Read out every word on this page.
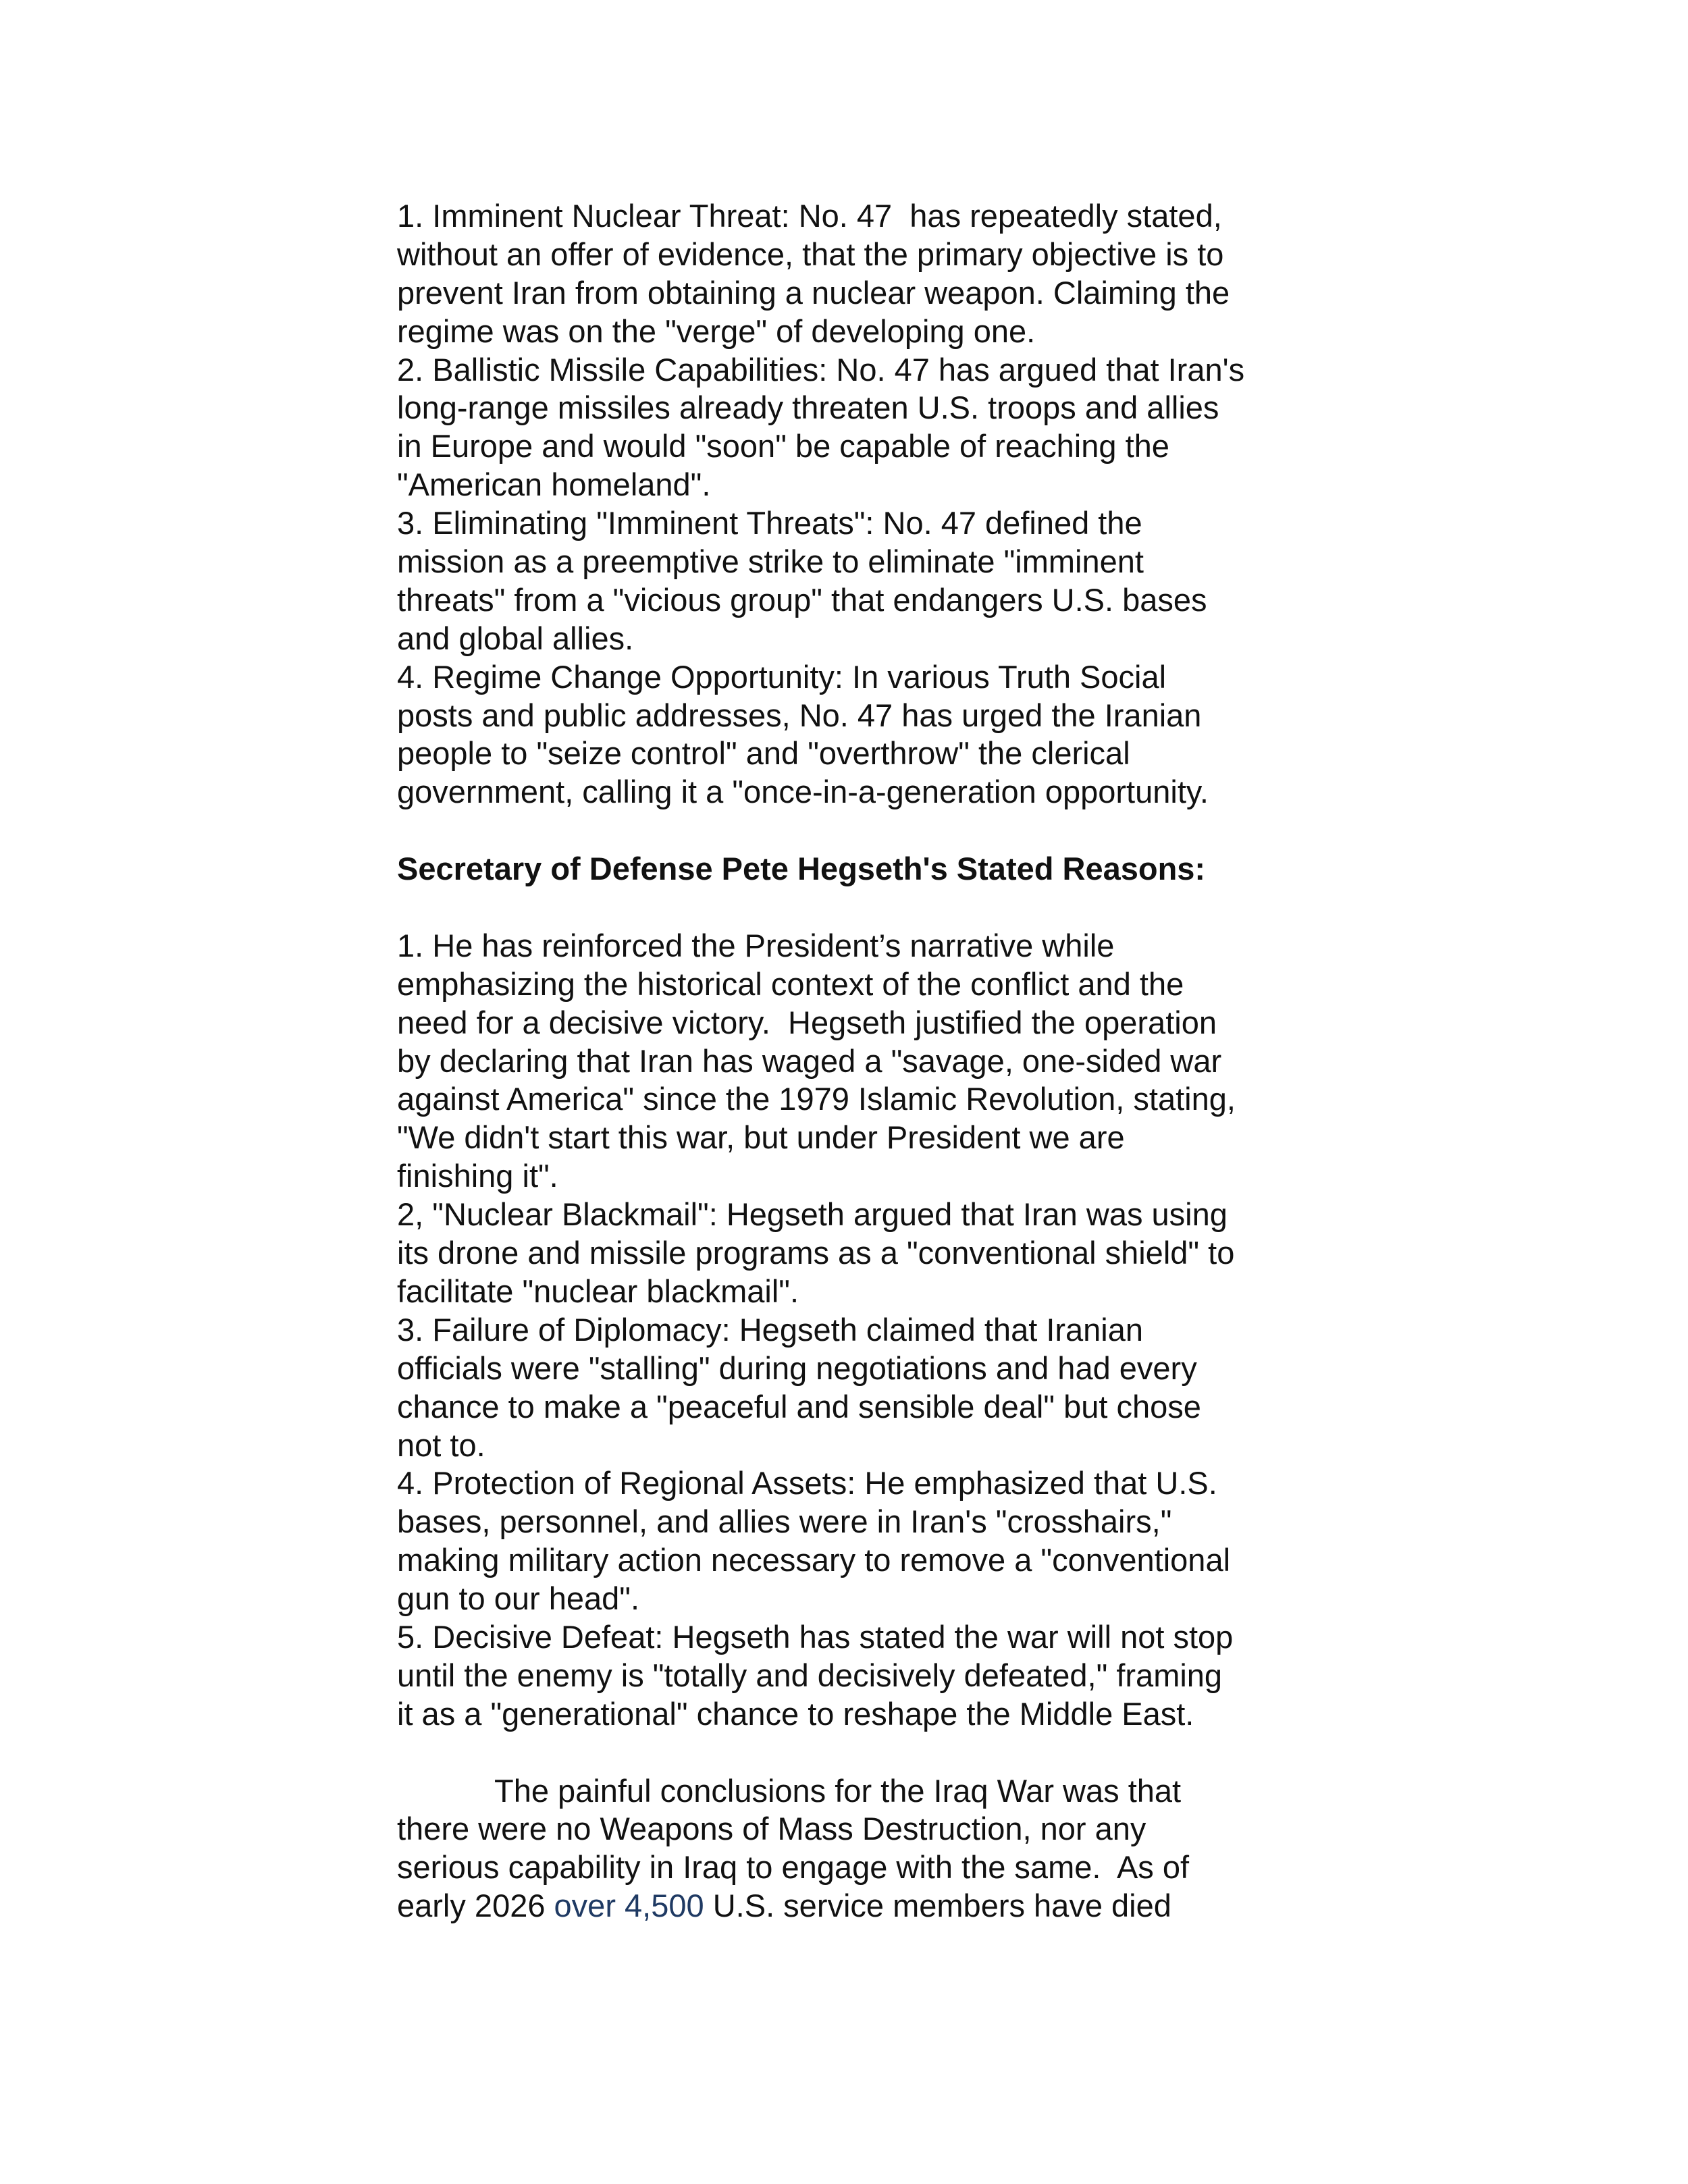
1. Imminent Nuclear Threat: No. 47  has repeatedly stated,
without an offer of evidence, that the primary objective is to
prevent Iran from obtaining a nuclear weapon. Claiming the
regime was on the "verge" of developing one.
2. Ballistic Missile Capabilities: No. 47 has argued that Iran's
long-range missiles already threaten U.S. troops and allies
in Europe and would "soon" be capable of reaching the
"American homeland".
3. Eliminating "Imminent Threats": No. 47 defined the
mission as a preemptive strike to eliminate "imminent
threats" from a "vicious group" that endangers U.S. bases
and global allies.
4. Regime Change Opportunity: In various Truth Social
posts and public addresses, No. 47 has urged the Iranian
people to "seize control" and "overthrow" the clerical
government, calling it a "once-in-a-generation opportunity.
Secretary of Defense Pete Hegseth's Stated Reasons:
1. He has reinforced the President’s narrative while
emphasizing the historical context of the conflict and the
need for a decisive victory.  Hegseth justified the operation
by declaring that Iran has waged a "savage, one-sided war
against America" since the 1979 Islamic Revolution, stating,
"We didn't start this war, but under President we are
finishing it".
2, "Nuclear Blackmail": Hegseth argued that Iran was using
its drone and missile programs as a "conventional shield" to
facilitate "nuclear blackmail".
3. Failure of Diplomacy: Hegseth claimed that Iranian
officials were "stalling" during negotiations and had every
chance to make a "peaceful and sensible deal" but chose
not to.
4. Protection of Regional Assets: He emphasized that U.S.
bases, personnel, and allies were in Iran's "crosshairs,"
making military action necessary to remove a "conventional
gun to our head".
5. Decisive Defeat: Hegseth has stated the war will not stop
until the enemy is "totally and decisively defeated," framing
it as a "generational" chance to reshape the Middle East.
The painful conclusions for the Iraq War was that
there were no Weapons of Mass Destruction, nor any
serious capability in Iraq to engage with the same.  As of
early 2026 over 4,500 U.S. service members have died
